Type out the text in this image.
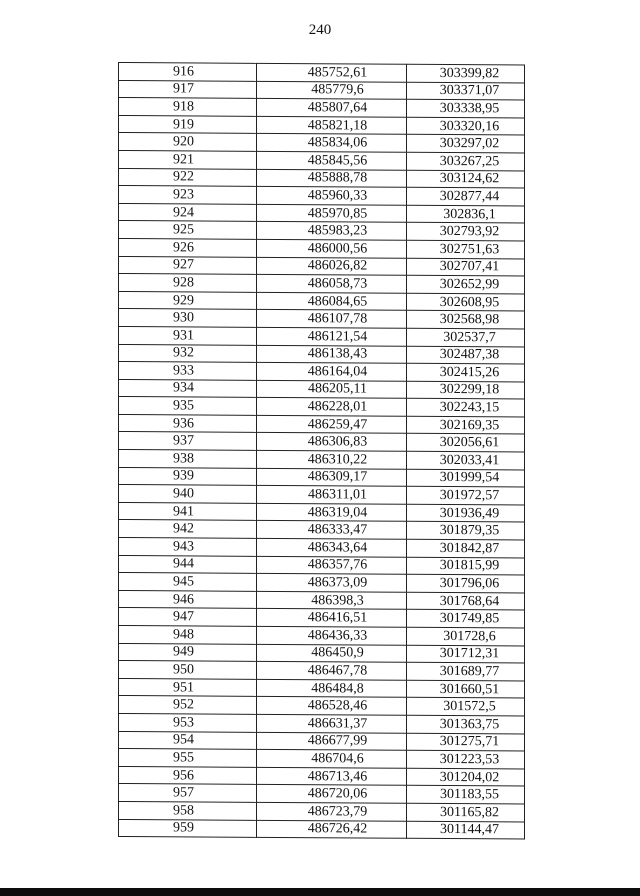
240
916	485752,61	303399,82
917	485779,6	303371,07
918	485807,64	303338,95
919	485821,18	303320,16
920	485834,06	303297,02
921	485845,56	303267,25
922	485888,78	303124,62
923	485960,33	302877,44
924	485970,85	302836,1
925	485983,23	302793,92
926	486000,56	302751,63
927	486026,82	302707,41
928	486058,73	302652,99
929	486084,65	302608,95
930	486107,78	302568,98
931	486121,54	302537,7
932	486138,43	302487,38
933	486164,04	302415,26
934	486205,11	302299,18
935	486228,01	302243,15
936	486259,47	302169,35
937	486306,83	302056,61
938	486310,22	302033,41
939	486309,17	301999,54
940	486311,01	301972,57
941	486319,04	301936,49
942	486333,47	301879,35
943	486343,64	301842,87
944	486357,76	301815,99
945	486373,09	301796,06
946	486398,3	301768,64
947	486416,51	301749,85
948	486436,33	301728,6
949	486450,9	301712,31
950	486467,78	301689,77
951	486484,8	301660,51
952	486528,46	301572,5
953	486631,37	301363,75
954	486677,99	301275,71
955	486704,6	301223,53
956	486713,46	301204,02
957	486720,06	301183,55
958	486723,79	301165,82
959	486726,42	301144,47
